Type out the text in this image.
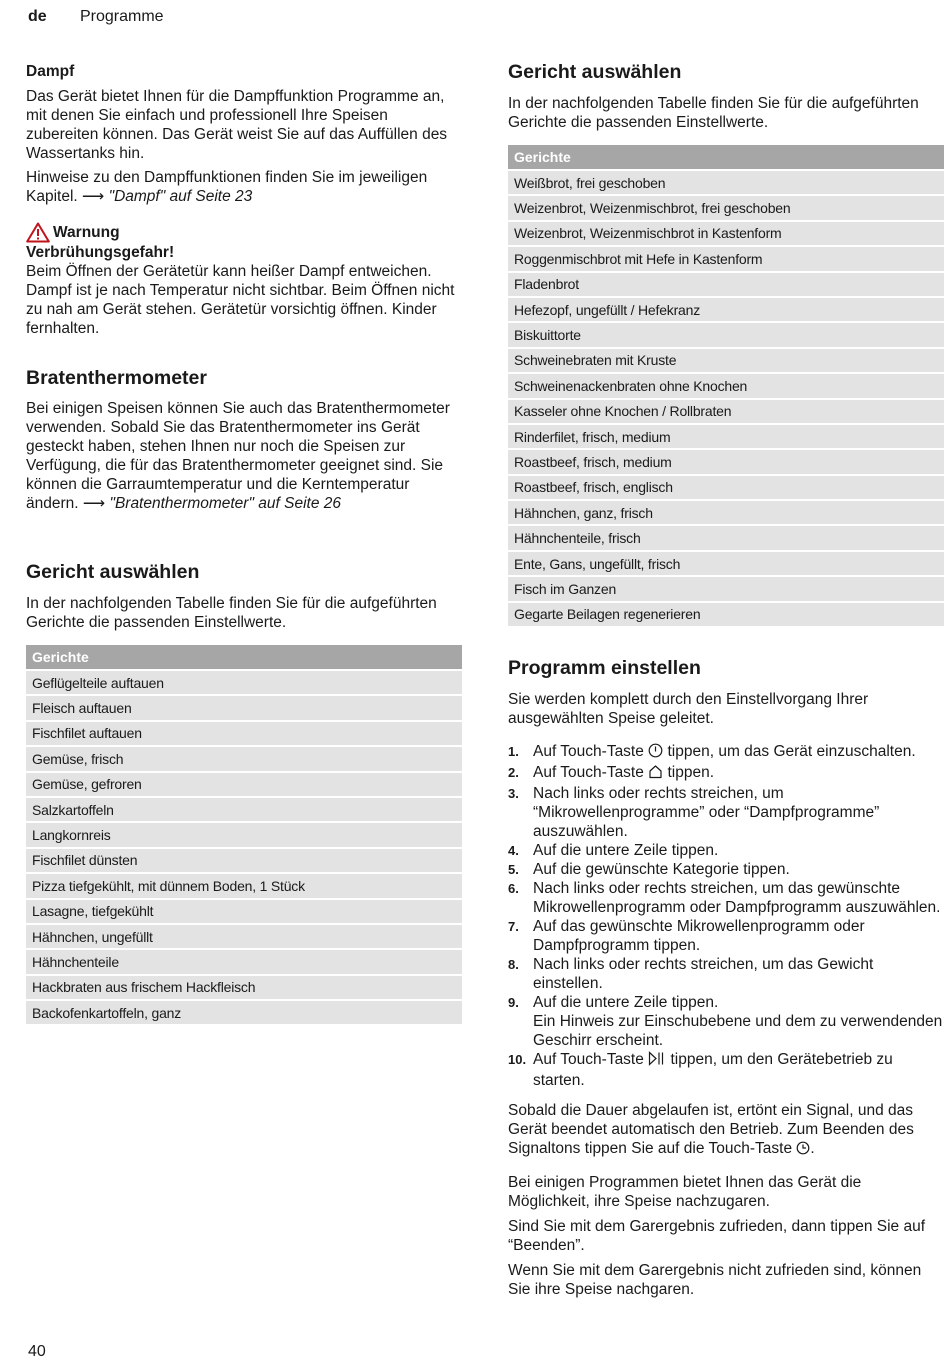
de Programme
Dampf

Das Gerät bietet Ihnen für die Dampffunktion Programme an, mit denen Sie einfach und professionell Ihre Speisen zubereiten können. Das Gerät weist Sie auf das Auffüllen des Wassertanks hin.

Hinweise zu den Dampffunktionen finden Sie im jeweiligen Kapitel. ⟶ "Dampf" auf Seite 23

Warnung
Verbrühungsgefahr!

Beim Öffnen der Gerätetür kann heißer Dampf entweichen. Dampf ist je nach Temperatur nicht sichtbar. Beim Öffnen nicht zu nah am Gerät stehen. Gerätetür vorsichtig öffnen. Kinder fernhalten.

Bratenthermometer

Bei einigen Speisen können Sie auch das Bratenthermometer verwenden. Sobald Sie das Bratenthermometer ins Gerät gesteckt haben, stehen Ihnen nur noch die Speisen zur Verfügung, die für das Bratenthermometer geeignet sind. Sie können die Garraumtemperatur und die Kerntemperatur ändern. ⟶ "Bratenthermometer" auf Seite 26

Gericht auswählen

In der nachfolgenden Tabelle finden Sie für die aufgeführten Gerichte die passenden Einstellwerte.

Gerichte
Geflügelteile auftauen
Fleisch auftauen
Fischfilet auftauen
Gemüse, frisch
Gemüse, gefroren
Salzkartoffeln
Langkornreis
Fischfilet dünsten
Pizza tiefgekühlt, mit dünnem Boden, 1 Stück
Lasagne, tiefgekühlt
Hähnchen, ungefüllt
Hähnchenteile
Hackbraten aus frischem Hackfleisch
Backofenkartoffeln, ganz
Gericht auswählen

In der nachfolgenden Tabelle finden Sie für die aufgeführten Gerichte die passenden Einstellwerte.

Gerichte
Weißbrot, frei geschoben
Weizenbrot, Weizenmischbrot, frei geschoben
Weizenbrot, Weizenmischbrot in Kastenform
Roggenmischbrot mit Hefe in Kastenform
Fladenbrot
Hefezopf, ungefüllt / Hefekranz
Biskuittorte
Schweinebraten mit Kruste
Schweinenackenbraten ohne Knochen
Kasseler ohne Knochen / Rollbraten
Rinderfilet, frisch, medium
Roastbeef, frisch, medium
Roastbeef, frisch, englisch
Hähnchen, ganz, frisch
Hähnchenteile, frisch
Ente, Gans, ungefüllt, frisch
Fisch im Ganzen
Gegarte Beilagen regenerieren
Programm einstellen

Sie werden komplett durch den Einstellvorgang Ihrer ausgewählten Speise geleitet.

1. Auf Touch-Taste  tippen, um das Gerät einzuschalten.
2. Auf Touch-Taste  tippen.
3. Nach links oder rechts streichen, um “Mikrowellenprogramme” oder “Dampfprogramme” auszuwählen.
4. Auf die untere Zeile tippen.
5. Auf die gewünschte Kategorie tippen.
6. Nach links oder rechts streichen, um das gewünschte Mikrowellenprogramm oder Dampfprogramm auszuwählen.
7. Auf das gewünschte Mikrowellenprogramm oder Dampfprogramm tippen.
8. Nach links oder rechts streichen, um das Gewicht einstellen.
9. Auf die untere Zeile tippen.
Ein Hinweis zur Einschubebene und dem zu verwendenden Geschirr erscheint.
10. Auf Touch-Taste  tippen, um den Gerätebetrieb zu starten.

Sobald die Dauer abgelaufen ist, ertönt ein Signal, und das Gerät beendet automatisch den Betrieb. Zum Beenden des Signaltons tippen Sie auf die Touch-Taste .

Bei einigen Programmen bietet Ihnen das Gerät die Möglichkeit, ihre Speise nachzugaren.

Sind Sie mit dem Garergebnis zufrieden, dann tippen Sie auf “Beenden”.

Wenn Sie mit dem Garergebnis nicht zufrieden sind, können Sie ihre Speise nachgaren.

40
